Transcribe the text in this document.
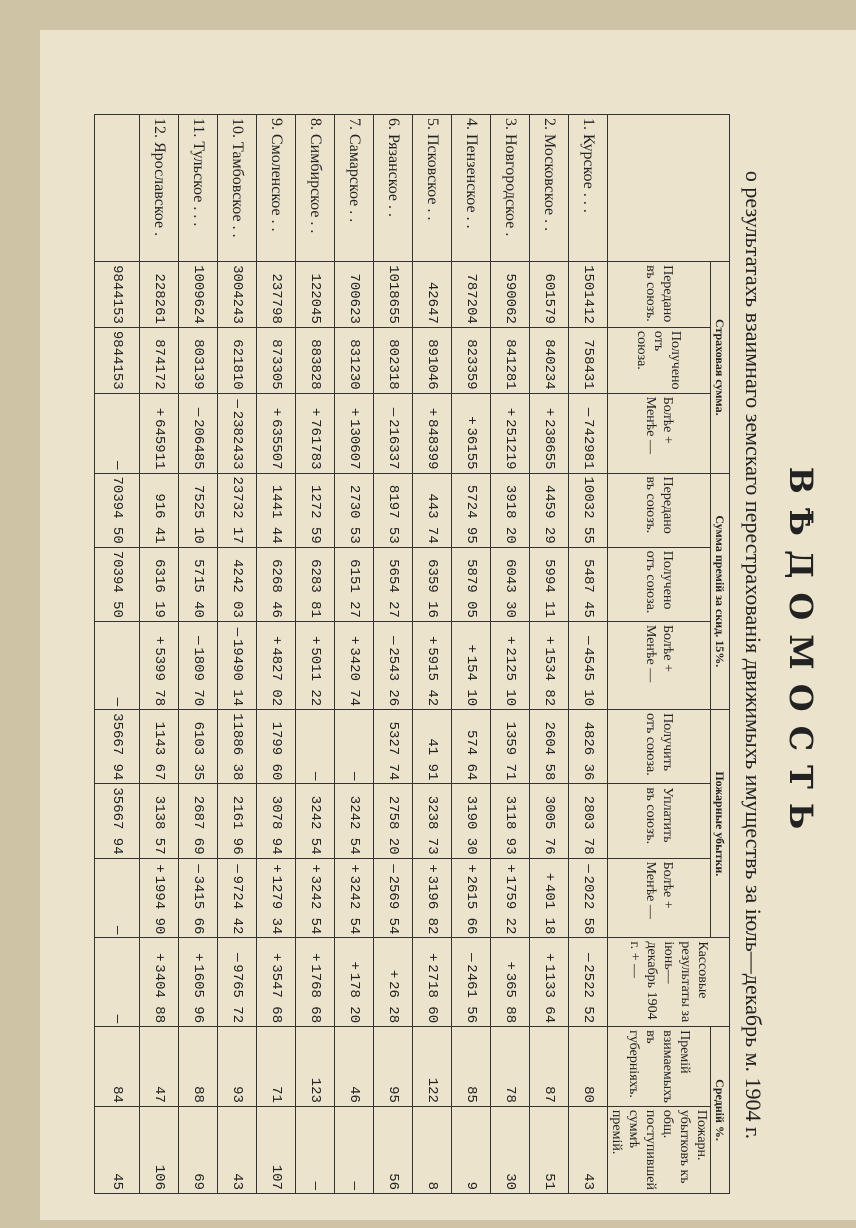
ВѢДОМОСТЬ
о результатахъ взаимнаго земскаго перестрахованія движимыхъ имуществъ за іюль—декабрь м. 1904 г.
	Страховая сумма.			Сумма премій за скид. 15%.			Пожарные убытки.			Кассовые результаты за іюнь—декабрь 1904 г. + —	Средній %.	
	Передано въ союзъ.	Получено отъ союза.	Болѣе + Менѣе —	Передано въ союзъ.	Получено отъ союза.	Болѣе + Менѣе —	Получить отъ союза.	Уплатить въ союзъ.	Болѣе + Менѣе —		Премій взимаемыхъ въ губерніяхъ.	Пожарн. убытковъ къ общ. поступившей суммѣ премій.
1. Курское . . .	1501412	758431	—742981	10032 55	5487 45	—4545 10	4826 36	2803 78	—2022 58	—2522 52	80	43
2. Московское . .	601579	840234	+238655	4459 29	5994 11	+1534 82	2604 58	3005 76	+401 18	+1133 64	87	51
3. Новгородское .	590062	841281	+251219	3918 20	6043 30	+2125 10	1359 71	3118 93	+1759 22	+365 88	78	30
4. Пензенское . .	787204	823359	+36155	5724 95	5879 05	+154 10	574 64	3190 30	+2615 66	—2461 56	85	9
5. Псковское . .	42647	891046	+848399	443 74	6359 16	+5915 42	41 91	3238 73	+3196 82	+2718 60	122	8
6. Рязанское . .	1018655	802318	—216337	8197 53	5654 27	—2543 26	5327 74	2758 20	—2569 54	+26 28	95	56
7. Самарское . .	700623	831230	+130607	2730 53	6151 27	+3420 74	—	3242 54	+3242 54	+178 20	46	—
8. Симбирское . .	122045	883828	+761783	1272 59	6283 81	+5011 22	—	3242 54	+3242 54	+1768 68	123	—
9. Смоленское . .	237798	873305	+635507	1441 44	6268 46	+4827 02	1799 60	3078 94	+1279 34	+3547 68	71	107
10. Тамбовское . .	3004243	621810	—2382433	23732 17	4242 03	—19490 14	11886 38	2161 96	—9724 42	—9765 72	93	43
11. Тульское . . .	1009624	803139	—206485	7525 10	5715 40	—1809 70	6103 35	2687 69	—3415 66	+1605 96	88	69
12. Ярославское .	228261	874172	+645911	916 41	6316 19	+5399 78	1143 67	3138 57	+1994 90	+3404 88	47	106
	9844153	9844153	—	70394 50	70394 50	—	35667 94	35667 94	—	—	84	45
